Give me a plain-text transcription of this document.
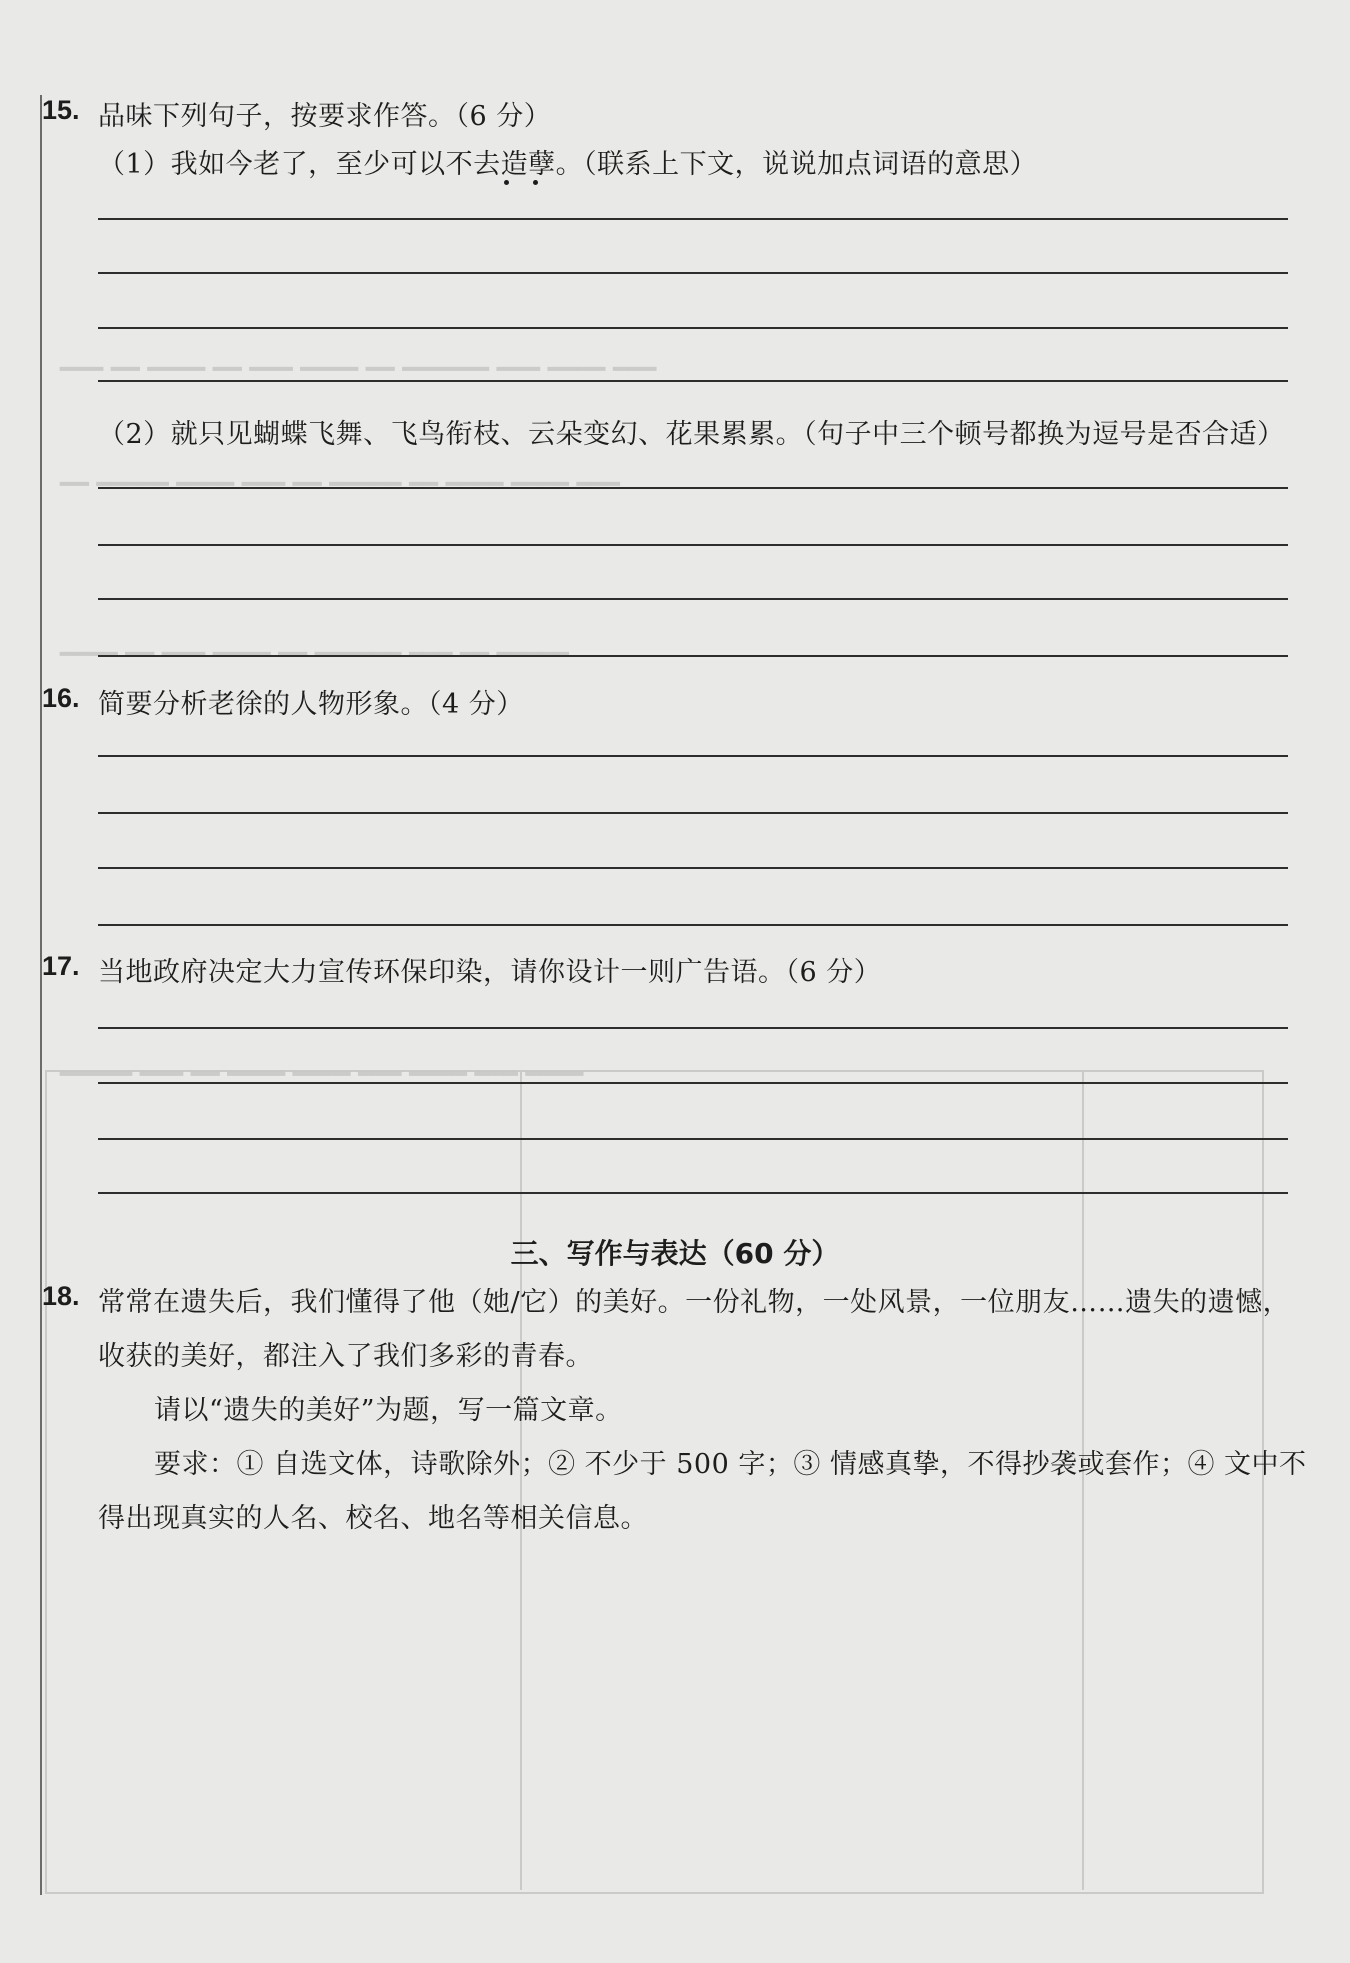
━━━ ━━ ━━━━ ━━ ━━━ ━━━━ ━━ ━━━━━━ ━━━ ━━━━ ━━━
━━ ━━━━━ ━━━━ ━━━ ━━ ━━━━━ ━━ ━━━━ ━━━━ ━━━
━━━━ ━━ ━━━ ━━━━ ━━ ━━━━━━ ━━━ ━━ ━━━━━
━━━━━ ━━━ ━━ ━━━━ ━━━━ ━━━ ━━━━ ━━━ ━━━━
15. 品味下列句子，按要求作答。（6 分）
（1）我如今老了，至少可以不去造孽。（联系上下文，说说加点词语的意思）
（2）就只见蝴蝶飞舞、飞鸟衔枝、云朵变幻、花果累累。（句子中三个顿号都换为逗号是否合适）
16. 简要分析老徐的人物形象。（4 分）
17. 当地政府决定大力宣传环保印染，请你设计一则广告语。（6 分）
三、写作与表达（60 分）
18. 常常在遗失后，我们懂得了他（她/它）的美好。一份礼物，一处风景，一位朋友……遗失的遗憾，
收获的美好，都注入了我们多彩的青春。
请以“遗失的美好”为题，写一篇文章。
要求：① 自选文体，诗歌除外；② 不少于 500 字；③ 情感真挚，不得抄袭或套作；④ 文中不
得出现真实的人名、校名、地名等相关信息。
